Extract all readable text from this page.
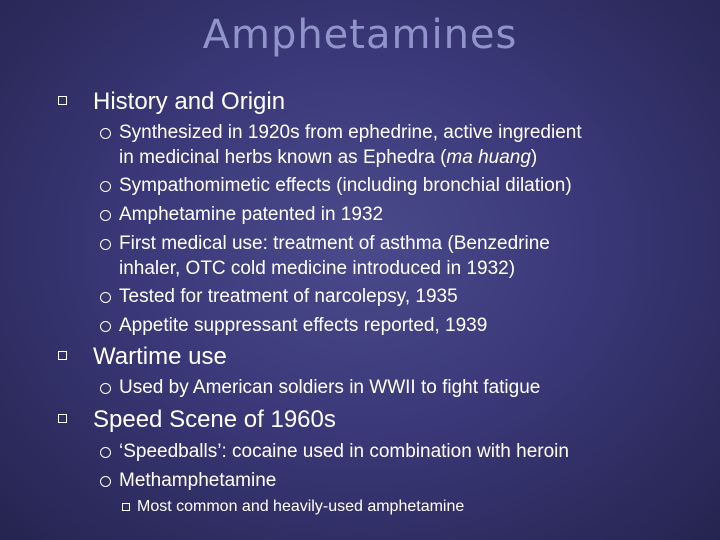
Amphetamines
History and Origin
Synthesized in 1920s from ephedrine, active ingredient
in medicinal herbs known as Ephedra (ma huang)
Sympathomimetic effects (including bronchial dilation)
Amphetamine patented in 1932
First medical use: treatment of asthma (Benzedrine
inhaler, OTC cold medicine introduced in 1932)
Tested for treatment of narcolepsy, 1935
Appetite suppressant effects reported, 1939
Wartime use
Used by American soldiers in WWII to fight fatigue
Speed Scene of 1960s
‘Speedballs’: cocaine used in combination with heroin
Methamphetamine
Most common and heavily-used amphetamine
